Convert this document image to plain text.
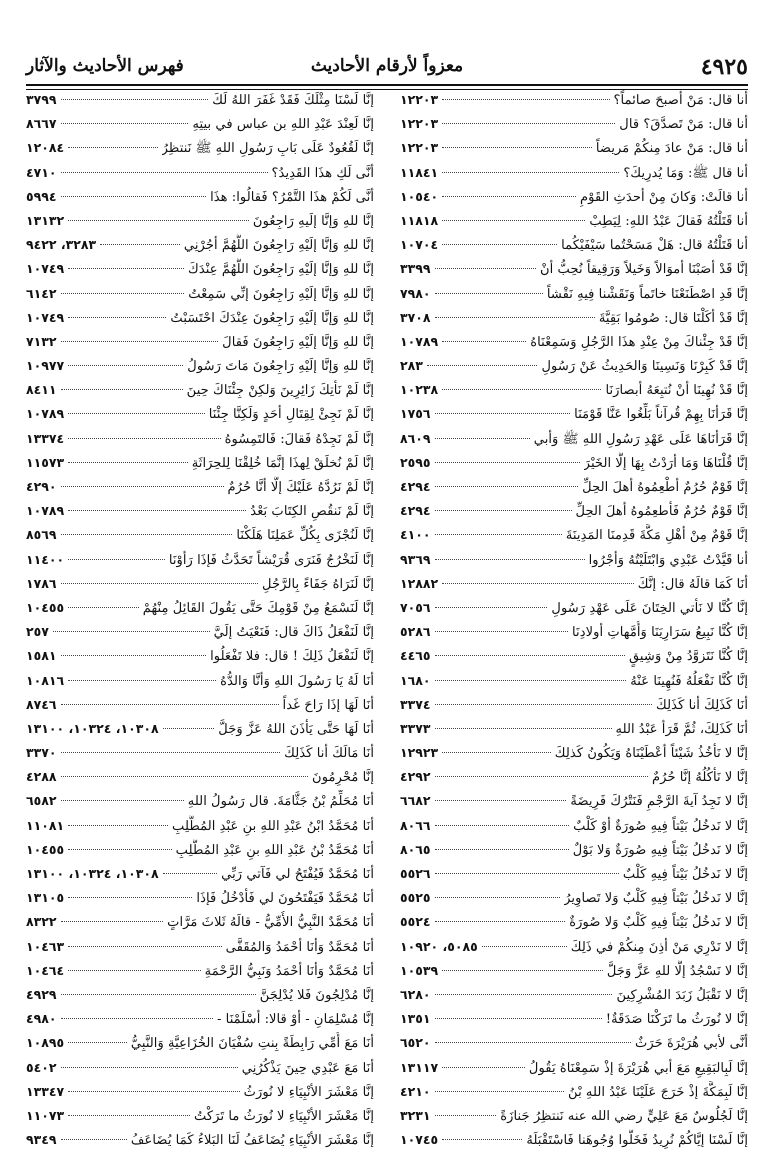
٤٩٢٥
معزواً لأرقام الأحاديث
فهرس الأحاديث والآثار
أنا قال: مَنْ أصبحَ صائماً؟
١٢٢٠٣
أنا قال: مَنْ تَصدَّقَ؟ قال
١٢٢٠٣
أنا قال: مَنْ عادَ مِنكُمْ مَريضاً
١٢٢٠٣
أنا قال ﷺ: وَمَا يُدرِيكَ؟
١١٨٤١
أنا قالَتْ: وَكانَ مِنْ أحدَثِ القَوْمِ
١٠٥٤٠
أنا قَتَلْتُهُ فَقالَ عَبْدُ اللهِ: لِيَطِبْ
١١٨١٨
أنا قَتَلْتُهُ قال: هَلْ مَسَحْتُما سَيْفَيْكُما
١٠٧٠٤
إنَّا قَدْ أصَبْنَا أموَالاً وَخَيلاً وَرَقِيقاً نُحِبُّ أنْ
٣٣٩٩
إنَّا قَدِ اصْطَنَعْنَا خاتَماً وَنَقَشْنا فِيهِ نَقْشاً
٧٩٨٠
إنَّا قَدْ أكَلْنَا قال: صُومُوا بَقِيَّةَ
٣٧٠٨
إنَّا قَدْ جِئْناكَ مِنْ عِنْدِ هذَا الرَّجُلِ وَسَمِعْنَاهُ
١٠٧٨٩
إنَّا قَدْ كَبِرْنَا وَنَسِينَا وَالحَدِيثُ عَنْ رَسُولِ
٢٨٣
إنَّا قَدْ نُهِينَا أنْ نُتبِعَهُ أبصارَنَا
١٠٢٣٨
إنَّا قَرَأنَا بِهِمْ قُرآناً بَلِّغُوا عَنَّا قَوْمَنَا
١٧٥٦
إنَّا قَرَأنَاهَا عَلَى عَهْدِ رَسُولِ اللهِ ﷺ وَأبي
٨٦٠٩
إنَّا قُلْنَاهَا وَمَا أرَدْتُ بِهَا إلَّا الخَيْرَ
٢٥٩٥
إنَّا قَوْمٌ حُرُمٌ أطْعِمُوهُ أهلَ الحِلِّ
٤٢٩٤
إنَّا قَوْمٌ حُرُمٌ فَأطعِمُوهُ أهلَ الحِلِّ
٤٢٩٤
إنَّا قَوْمٌ مِنْ أهْلِ مَكَّةَ قَدِمنَا المَدِينَةَ
٤١٠٠
أنا قَيَّدْتُ عَبْدِي وَابْتَلَيْتُهُ وَأجْرُوا
٩٣٦٩
أنَا كَمَا قالَهُ قال: إنَّكَ
١٢٨٨٢
إنَّا كُنَّا لا نَأتي الخِتَانَ عَلَى عَهْدِ رَسُولِ
٧٠٥٦
إنَّا كُنَّا نَبِيعُ سَرَارِيَنَا وَأُمَّهاتِ أولادِنَا
٥٢٨٦
إنَّا كُنَّا نَتَزوَّدُ مِنْ وَشِيقٍ
٤٤٦٥
إنَّا كُنَّا نَفْعَلُهُ فَنُهِينَا عَنْهُ
١٦٨٠
أنَا كَذَلِكَ أنا كَذَلِكَ
٣٣٧٤
أنَا كَذَلِكَ، ثُمَّ قَرَأ عَبْدُ اللهِ
٣٣٧٣
إنَّا لا نَأخُذُ شَيْئاً أعْطَيْنَاهُ وَيَكُونُ كَذلِكَ
١٢٩٢٣
إنَّا لا نَأكُلُهُ إنَّا حُرُمٌ
٤٢٩٢
إنَّا لا نَجِدُ آيةَ الرَّجْمِ فَنَتْرُكَ فَرِيضَةً
٦٦٨٢
إنَّا لا نَدخُلُ بَيْتاً فِيهِ صُورَةٌ أوْ كَلْبٌ
٨٠٦٦
إنَّا لا نَدخُلُ بَيْتاً فِيهِ صُورَةٌ وَلا بَوْلٌ
٨٠٦٥
إنَّا لا نَدخُلُ بَيْتاً فِيهِ كَلْبٌ
٥٥٢٦
إنَّا لا نَدخُلُ بَيْتاً فِيهِ كَلْبٌ وَلا تَصاوِيرُ
٥٥٢٥
إنَّا لا نَدخُلُ بَيْتاً فِيهِ كَلْبٌ وَلا صُورَةٌ
٥٥٢٤
إنَّا لا نَدْرِي مَنْ أذِنَ مِنكُمْ في ذَلِكَ
٥٠٨٥، ١٠٩٢٠
إنَّا لا نَسْجُدُ إلَّا للهِ عَزَّ وَجَلَّ
١٠٥٣٩
إنَّا لا نَقْبَلُ زَبَدَ المُشْرِكِينَ
٦٢٨٠
إنَّا لا نُورَثُ ما تَرَكْنَا صَدَقَةٌ!
١٣٥١
أنَّى لأبي هُرَيْرَةَ حَرَثٌ
٦٥٢٠
إنَّا لَبِالبَقِيعِ مَعَ أبي هُرَيْرَةَ إذْ سَمِعْنَاهُ يَقُولُ
١٣١١٧
إنَّا لَبِمَكَّةَ إذْ خَرَجَ عَلَيْنَا عَبْدُ اللهِ بْنُ
٤٢١٠
إنَّا لَجُلُوسٌ مَعَ عَلِيٍّ رضي الله عنه نَنتظِرُ جَنازَةً
٣٢٣١
إنَّا لَسْنَا إيَّاكُمْ نُرِيدُ فَخَلُّوا وُجُوهَنا فَاسْتَقْبَلَهُ
١٠٧٤٥
إنَّا لَسْنَا مِثْلَكَ فَقَدْ غَفَرَ اللهُ لَكَ
٣٧٩٩
إنَّا لَعِنْدَ عَبْدِ اللهِ بن عباس في بيتِهِ
٨٦٦٧
إنَّا لَقُعُودٌ عَلَى بَابِ رَسُولِ اللهِ ﷺ نَنتظِرُ
١٢٠٨٤
أنَّى لَكِ هذَا القَدِيدُ؟
٤٧١٠
أنَّى لَكُمْ هذَا التَّمْرُ؟ فَقالُوا: هذَا
٥٩٩٤
إنَّا للهِ وَإنَّا إلَيهِ رَاجِعُونَ
١٣١٣٢
إنَّا للهِ وَإنَّا إلَيْهِ رَاجِعُونَ اللَّهُمَّ أجُرْنِي
٣٢٨٣، ٩٤٢٢
إنَّا للهِ وَإنَّا إلَيْهِ رَاجِعُونَ اللَّهُمَّ عِنْدَكَ
١٠٧٤٩
إنَّا للهِ وَإنَّا إلَيْهِ رَاجِعُونَ إنِّي سَمِعْتُ
٦١٤٢
إنَّا للهِ وَإنَّا إلَيْهِ رَاجِعُونَ عِنْدَكَ احْتَسَبْتُ
١٠٧٤٩
إنَّا للهِ وَإنَّا إلَيْهِ رَاجِعُونَ فَقالَ
٧١٣٢
إنَّا للهِ وَإنَّا إلَيْهِ رَاجِعُونَ مَاتَ رَسُولُ
١٠٩٧٧
إنَّا لَمْ نَأتِكَ زَائِرِينَ وَلكِنْ جِئْنَاكَ حِينَ
٨٤١١
إنَّا لَمْ نَجِئْ لِقِتَالِ أحَدٍ وَلَكِنَّا جِئْنَا
١٠٧٨٩
إنَّا لَمْ نَجِدْهُ فَقالَ: فَالتَمِسُوهُ
١٣٣٧٤
إنَّا لَمْ نُخلَقْ لِهذَا إنَّمَا خُلِقْنَا لِلحِرَاثَةِ
١١٥٧٣
إنَّا لَمْ نَرُدَّهُ عَلَيْكَ إلَّا أنَّا حُرُمٌ
٤٢٩٠
إنَّا لَمْ نَنقُصِ الكِتَابَ بَعْدُ
١٠٧٨٩
إنَّا لَنُجْزَى بِكُلِّ عَمَلِنَا هَلَكْنَا
٨٥٦٩
إنَّا لَنَخْرُجُ فَنَرَى قُرَيْشاً تَحَدَّثُ فَإذَا رَأوْنَا
١١٤٠٠
إنَّا لَنَرَاهُ جَفَاءً بِالرَّجُلِ
١٧٨٦
إنَّا لَنَسْمَعُ مِنْ قَوْمِكَ حَتَّى يَقُولَ القَائِلُ مِنْهُمْ
١٠٤٥٥
إنَّا لَنَفْعَلُ ذَاكَ قال: فَنَعْيَتُ إلَيَّ
٢٥٧
إنَّا لَنَفْعَلُ ذَلِكَ ! قال: فلا تَفْعَلُوا
١٥٨١
أنَا لَهُ يَا رَسُولَ اللهِ وَأنَّا وَالدُّهُ
١٠٨١٦
أنَا لَهَا إذَا رَاحَ غَداً
٨٧٤٦
أنَا لَهَا حَتَّى يَأذَنَ اللهُ عَزَّ وَجَلَّ
١٠٣٠٨، ١٠٣٢٤، ١٣١٠٠
أنَا مَالَكَ أنا كَذَلِكَ
٣٣٧٠
إنَّا مُحْرِمُونَ
٤٢٨٨
أنَا مُحَلِّمُ بْنُ جَثَّامَةَ. قال رَسُولُ اللهِ
٦٥٨٢
أنَا مُحَمَّدُ ابْنُ عَبْدِ اللهِ بنِ عَبْدِ المُطَّلِبِ
١١٠٨١
أنَا مُحَمَّدُ بْنُ عَبْدِ اللهِ بنِ عَبْدِ المُطَّلِبِ
١٠٤٥٥
أنَا مُحَمَّدٌ فَيُفْتَحُ لي فَآتي رَبِّي
١٠٣٠٨، ١٠٣٢٤، ١٣١٠٠
أنَا مُحَمَّدٌ فَيَفْتَحُونَ لي فَأدْخُلُ فَإذَا
١٣١٠٥
أنَا مُحَمَّدٌ النَّبِيُّ الأُمِّيُّ - قالَهُ ثَلاثَ مَرَّاتٍ
٨٣٢٢
أنَا مُحَمَّدٌ وَأنَا أحْمَدُ وَالمُقَفَّى
١٠٤٦٣
أنَا مُحَمَّدٌ وَأنَا أحْمَدُ وَنَبِيُّ الرَّحْمَةِ
١٠٤٦٤
إنَّا مُدْلِجُونَ فَلا يُدْلِجَنَّ
٤٩٢٩
إنَّا مُسْلِمَانِ - أوْ قالا: أسْلَمْنَا -
٤٩٨٠
أنَا مَعَ أُمِّي رَابِطَةً بِنتِ سُفْيَانَ الخُزَاعِيَّةِ وَالنَّبِيُّ
١٠٨٩٥
أنَا مَعَ عَبْدِي حِينَ يَذْكُرُنِي
٥٤٠٢
إنَّا مَعْشَرَ الأنْبِيَاءِ لا نُورَثُ
١٣٣٤٧
إنَّا مَعْشَرَ الأنْبِيَاءِ لا نُورَثُ ما تَرَكْتُ
١١٠٧٣
إنَّا مَعْشَرَ الأنْبِيَاءِ يُضَاعَفُ لَنَا البَلاءُ كَمَا يُضَاعَفُ
٩٣٤٩
